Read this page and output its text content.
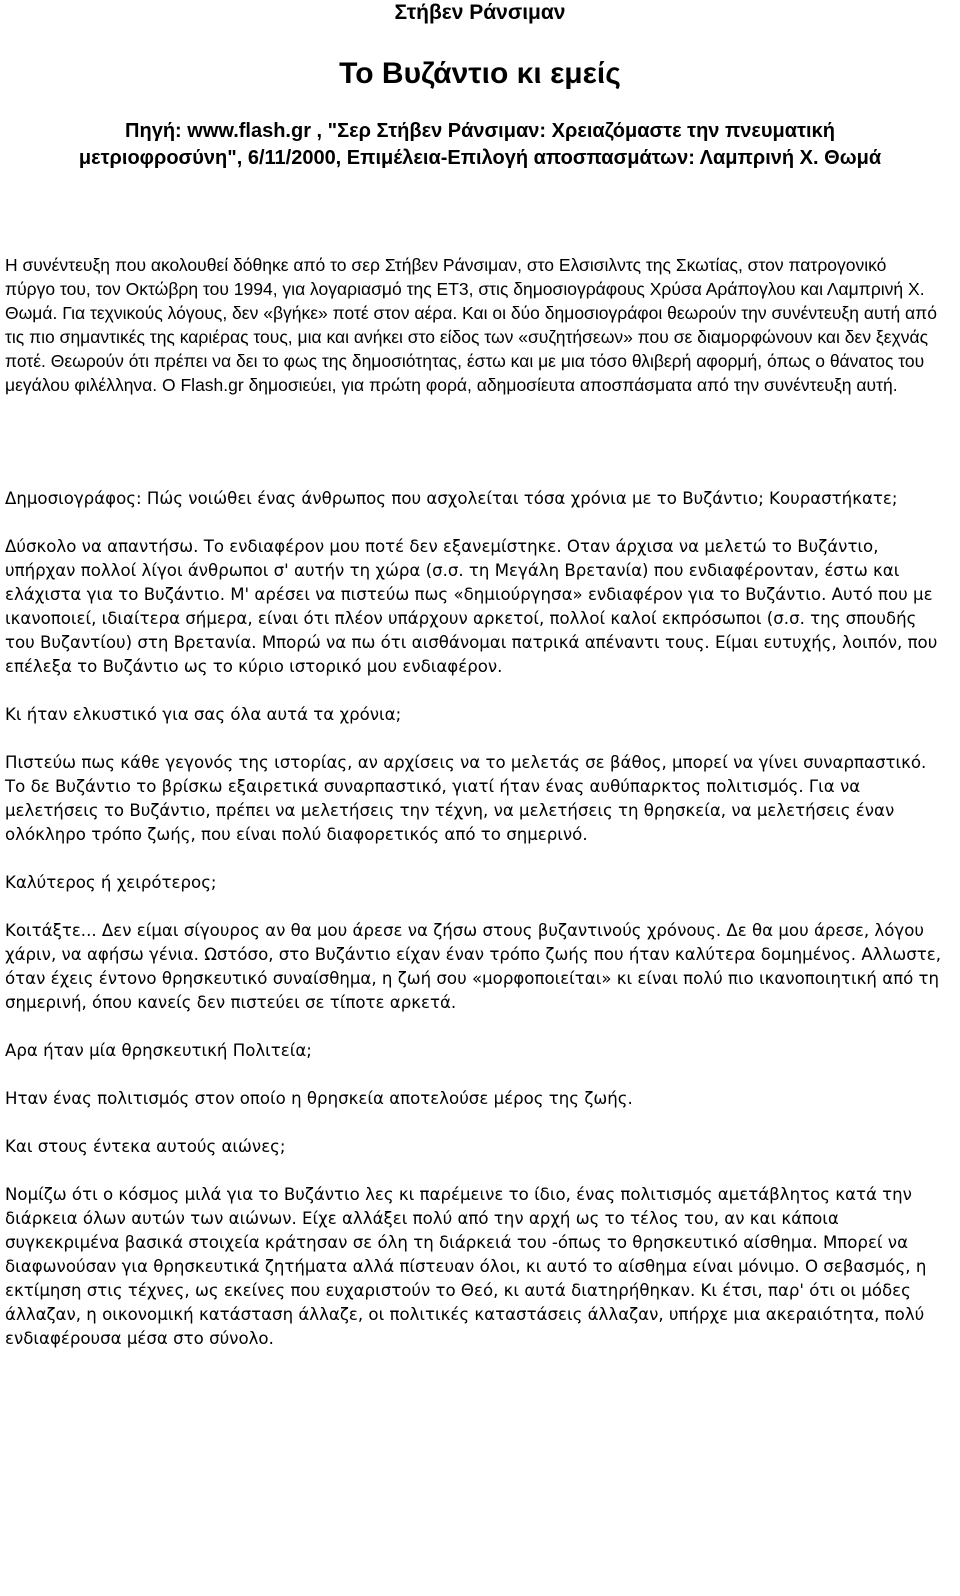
Στήβεν Ράνσιμαν
Το Βυζάντιο κι εμείς
Πηγή: www.flash.gr , "Σερ Στήβεν Ράνσιμαν: Χρειαζόμαστε την πνευματική μετριοφροσύνη", 6/11/2000, Επιμέλεια-Επιλογή αποσπασμάτων: Λαμπρινή Χ. Θωμά

Η συνέντευξη που ακολουθεί δόθηκε από το σερ Στήβεν Ράνσιμαν, στο Ελσισιλντς της Σκωτίας, στον πατρογονικό πύργο του, τον Οκτώβρη του 1994, για λογαριασμό της ΕΤ3, στις δημοσιογράφους Χρύσα Αράπογλου και Λαμπρινή Χ. Θωμά. Για τεχνικούς λόγους, δεν «βγήκε» ποτέ στον αέρα. Και οι δύο δημοσιογράφοι θεωρούν την συνέντευξη αυτή από τις πιο σημαντικές της καριέρας τους, μια και ανήκει στο είδος των «συζητήσεων» που σε διαμορφώνουν και δεν ξεχνάς ποτέ. Θεωρούν ότι πρέπει να δει το φως της δημοσιότητας, έστω και με μια τόσο θλιβερή αφορμή, όπως ο θάνατος του μεγάλου φιλέλληνα. Ο Flash.gr δημοσιεύει, για πρώτη φορά, αδημοσίευτα αποσπάσματα από την συνέντευξη αυτή.

Δημοσιογράφος: Πώς νοιώθει ένας άνθρωπος που ασχολείται τόσα χρόνια με το Βυζάντιο; Κουραστήκατε;

Δύσκολο να απαντήσω. Το ενδιαφέρον μου ποτέ δεν εξανεμίστηκε. Οταν άρχισα να μελετώ το Βυζάντιο, υπήρχαν πολλοί λίγοι άνθρωποι σ' αυτήν τη χώρα (σ.σ. τη Μεγάλη Βρετανία) που ενδιαφέρονταν, έστω και ελάχιστα για το Βυζάντιο. Μ' αρέσει να πιστεύω πως «δημιούργησα» ενδιαφέρον για το Βυζάντιο. Αυτό που με ικανοποιεί, ιδιαίτερα σήμερα, είναι ότι πλέον υπάρχουν αρκετοί, πολλοί καλοί εκπρόσωποι (σ.σ. της σπουδής του Βυζαντίου) στη Βρετανία. Μπορώ να πω ότι αισθάνομαι πατρικά απέναντι τους. Είμαι ευτυχής, λοιπόν, που επέλεξα το Βυζάντιο ως το κύριο ιστορικό μου ενδιαφέρον.

Κι ήταν ελκυστικό για σας όλα αυτά τα χρόνια;

Πιστεύω πως κάθε γεγονός της ιστορίας, αν αρχίσεις να το μελετάς σε βάθος, μπορεί να γίνει συναρπαστικό. Το δε Βυζάντιο το βρίσκω εξαιρετικά συναρπαστικό, γιατί ήταν ένας αυθύπαρκτος πολιτισμός. Για να μελετήσεις το Βυζάντιο, πρέπει να μελετήσεις την τέχνη, να μελετήσεις τη θρησκεία, να μελετήσεις έναν ολόκληρο τρόπο ζωής, που είναι πολύ διαφορετικός από το σημερινό.

Καλύτερος ή χειρότερος;

Κοιτάξτε... Δεν είμαι σίγουρος αν θα μου άρεσε να ζήσω στους βυζαντινούς χρόνους. Δε θα μου άρεσε, λόγου χάριν, να αφήσω γένια. Ωστόσο, στο Βυζάντιο είχαν έναν τρόπο ζωής που ήταν καλύτερα δομημένος. Αλλωστε, όταν έχεις έντονο θρησκευτικό συναίσθημα, η ζωή σου «μορφοποιείται» κι είναι πολύ πιο ικανοποιητική από τη σημερινή, όπου κανείς δεν πιστεύει σε τίποτε αρκετά.

Αρα ήταν μία θρησκευτική Πολιτεία;

Ηταν ένας πολιτισμός στον οποίο η θρησκεία αποτελούσε μέρος της ζωής.

Και στους έντεκα αυτούς αιώνες;

Νομίζω ότι ο κόσμος μιλά για το Βυζάντιο λες κι παρέμεινε το ίδιο, ένας πολιτισμός αμετάβλητος κατά την διάρκεια όλων αυτών των αιώνων. Είχε αλλάξει πολύ από την αρχή ως το τέλος του, αν και κάποια συγκεκριμένα βασικά στοιχεία κράτησαν σε όλη τη διάρκειά του -όπως το θρησκευτικό αίσθημα. Μπορεί να διαφωνούσαν για θρησκευτικά ζητήματα αλλά πίστευαν όλοι, κι αυτό το αίσθημα είναι μόνιμο. Ο σεβασμός, η εκτίμηση στις τέχνες, ως εκείνες που ευχαριστούν το Θεό, κι αυτά διατηρήθηκαν. Κι έτσι, παρ' ότι οι μόδες άλλαζαν, η οικονομική κατάσταση άλλαζε, οι πολιτικές καταστάσεις άλλαζαν, υπήρχε μια ακεραιότητα, πολύ ενδιαφέρουσα μέσα στο σύνολο.
